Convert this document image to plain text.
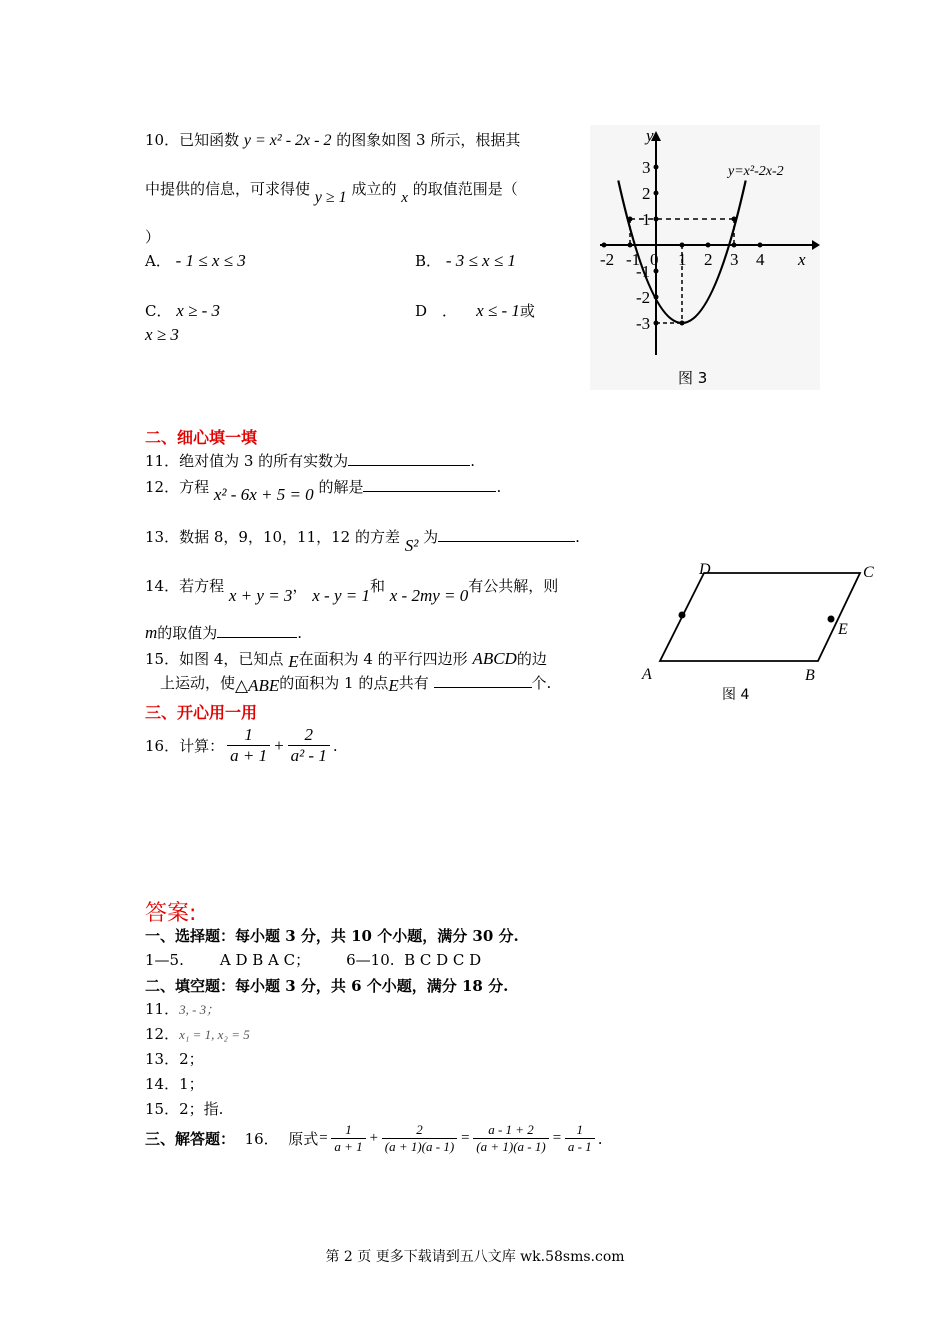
10．已知函数 y = x² - 2x - 2 的图象如图 3 所示，根据其
中提供的信息，可求得使 y ≥ 1 成立的 x 的取值范围是（
）
A． - 1 ≤ x ≤ 3	B． - 3 ≤ x ≤ 1
C． x ≥ - 3	D　． x ≤ - 1或
x ≥ 3
-2 -1 0 1 2 3 4
3
2
1
-1
-2
-3
x
y
y=x²-2x-2
图 3
二、细心填一填
11．绝对值为 3 的所有实数为	.
12．方程 x² - 6x + 5 = 0 的解是	.
13．数据 8，9，10，11，12 的方差 S² 为	.
14．若方程 x + y = 3， x - y = 1和 x - 2my = 0有公共解，则
m的取值为	.
15．如图 4，已知点 E在面积为 4 的平行四边形 ABCD的边
上运动，使△ABE的面积为 1 的点E共有	个.	A	B
C
D
E
图 4
三、开心用一用
16． 计算： $\frac{1}{a + 1} + \frac{2}{\text{a² - 1}}$ .
答案:
一、选择题：每小题 3 分，共 10 个小题，满分 30 分.
1—5. A D B A C； 6—10. B C D C D
二、填空题：每小题 3 分，共 6 个小题，满分 18 分.
11．3, - 3；
12．x₁ = 1, x₂ = 5
13．2；
14．1；
15．2；指.
三、解答题：
16．
原式 = $\frac{1}{a + 1} + \frac{2}{(a + 1)(a - 1)} = \frac{a - 1 + 2}{(a + 1)(a - 1)} = \frac{1}{a - 1}$ .
第 2 页 更多下载请到五八文库 wk.58sms.com
